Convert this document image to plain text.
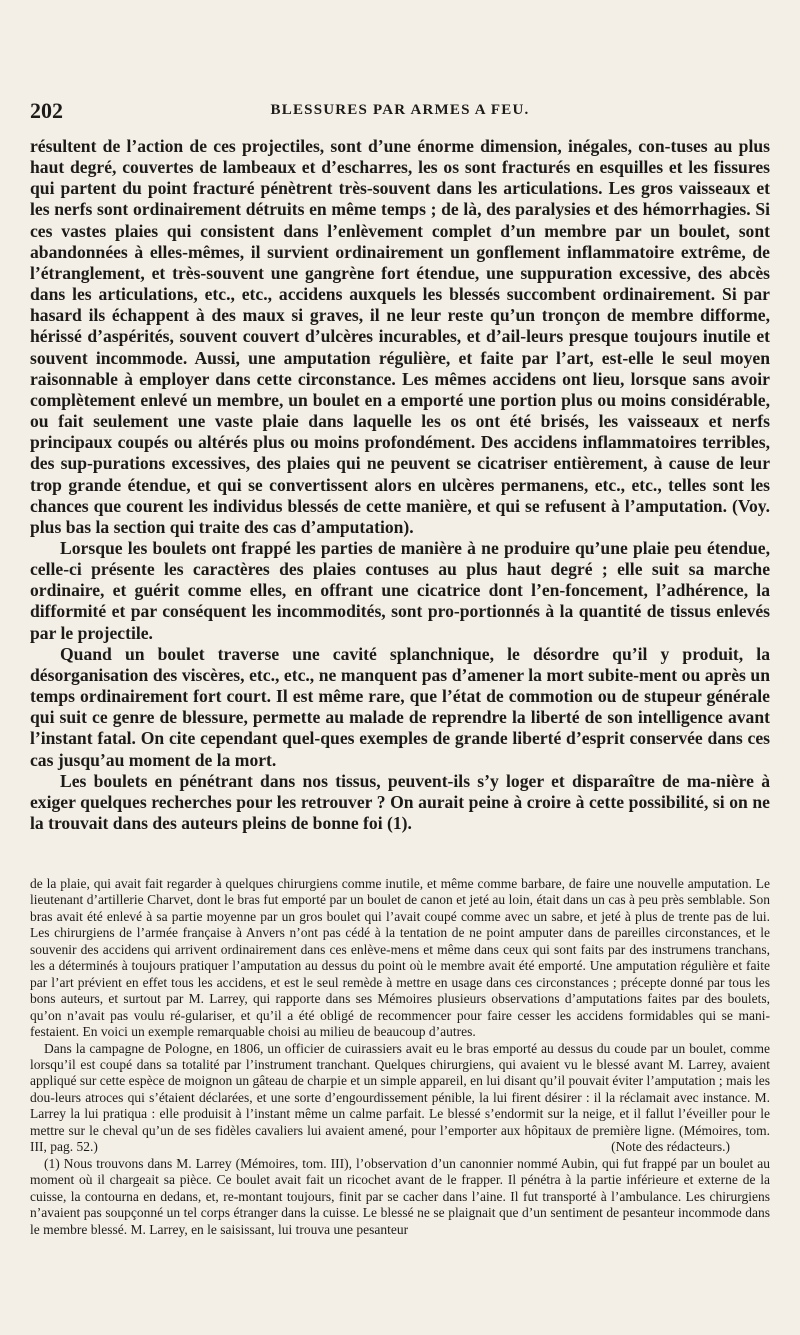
202	BLESSURES PAR ARMES A FEU.

résultent de l’action de ces projectiles, sont d’une énorme dimension, inégales, con-tuses au plus haut degré, couvertes de lambeaux et d’escharres, les os sont fracturés en esquilles et les fissures qui partent du point fracturé pénètrent très-souvent dans les articulations. Les gros vaisseaux et les nerfs sont ordinairement détruits en même temps ; de là, des paralysies et des hémorrhagies. Si ces vastes plaies qui consistent dans l’enlèvement complet d’un membre par un boulet, sont abandonnées à elles-mêmes, il survient ordinairement un gonflement inflammatoire extrême, de l’étranglement, et très-souvent une gangrène fort étendue, une suppuration excessive, des abcès dans les articulations, etc., etc., accidens auxquels les blessés succombent ordinairement. Si par hasard ils échappent à des maux si graves, il ne leur reste qu’un tronçon de membre difforme, hérissé d’aspérités, souvent couvert d’ulcères incurables, et d’ail-leurs presque toujours inutile et souvent incommode. Aussi, une amputation régulière, et faite par l’art, est-elle le seul moyen raisonnable à employer dans cette circonstance. Les mêmes accidens ont lieu, lorsque sans avoir complètement enlevé un membre, un boulet en a emporté une portion plus ou moins considérable, ou fait seulement une vaste plaie dans laquelle les os ont été brisés, les vaisseaux et nerfs principaux coupés ou altérés plus ou moins profondément. Des accidens inflammatoires terribles, des sup-purations excessives, des plaies qui ne peuvent se cicatriser entièrement, à cause de leur trop grande étendue, et qui se convertissent alors en ulcères permanens, etc., etc., telles sont les chances que courent les individus blessés de cette manière, et qui se refusent à l’amputation. (Voy. plus bas la section qui traite des cas d’amputation).

Lorsque les boulets ont frappé les parties de manière à ne produire qu’une plaie peu étendue, celle-ci présente les caractères des plaies contuses au plus haut degré ; elle suit sa marche ordinaire, et guérit comme elles, en offrant une cicatrice dont l’en-foncement, l’adhérence, la difformité et par conséquent les incommodités, sont pro-portionnés à la quantité de tissus enlevés par le projectile.

Quand un boulet traverse une cavité splanchnique, le désordre qu’il y produit, la désorganisation des viscères, etc., etc., ne manquent pas d’amener la mort subite-ment ou après un temps ordinairement fort court. Il est même rare, que l’état de commotion ou de stupeur générale qui suit ce genre de blessure, permette au malade de reprendre la liberté de son intelligence avant l’instant fatal. On cite cependant quel-ques exemples de grande liberté d’esprit conservée dans ces cas jusqu’au moment de la mort.

Les boulets en pénétrant dans nos tissus, peuvent-ils s’y loger et disparaître de ma-nière à exiger quelques recherches pour les retrouver ? On aurait peine à croire à cette possibilité, si on ne la trouvait dans des auteurs pleins de bonne foi (1).

de la plaie, qui avait fait regarder à quelques chirurgiens comme inutile, et même comme barbare, de faire une nouvelle amputation. Le lieutenant d’artillerie Charvet, dont le bras fut emporté par un boulet de canon et jeté au loin, était dans un cas à peu près semblable. Son bras avait été enlevé à sa partie moyenne par un gros boulet qui l’avait coupé comme avec un sabre, et jeté à plus de trente pas de lui. Les chirurgiens de l’armée française à Anvers n’ont pas cédé à la tentation de ne point amputer dans de pareilles circonstances, et le souvenir des accidens qui arrivent ordinairement dans ces enlève-mens et même dans ceux qui sont faits par des instrumens tranchans, les a déterminés à toujours pratiquer l’amputation au dessus du point où le membre avait été emporté. Une amputation régulière et faite par l’art prévient en effet tous les accidens, et est le seul remède à mettre en usage dans ces circonstances ; précepte donné par tous les bons auteurs, et surtout par M. Larrey, qui rapporte dans ses Mémoires plusieurs observations d’amputations faites par des boulets, qu’on n’avait pas voulu ré-gulariser, et qu’il a été obligé de recommencer pour faire cesser les accidens formidables qui se mani-festaient. En voici un exemple remarquable choisi au milieu de beaucoup d’autres.

Dans la campagne de Pologne, en 1806, un officier de cuirassiers avait eu le bras emporté au dessus du coude par un boulet, comme lorsqu’il est coupé dans sa totalité par l’instrument tranchant. Quelques chirurgiens, qui avaient vu le blessé avant M. Larrey, avaient appliqué sur cette espèce de moignon un gâteau de charpie et un simple appareil, en lui disant qu’il pouvait éviter l’amputation ; mais les dou-leurs atroces qui s’étaient déclarées, et une sorte d’engourdissement pénible, la lui firent désirer : il la réclamait avec instance. M. Larrey la lui pratiqua : elle produisit à l’instant même un calme parfait. Le blessé s’endormit sur la neige, et il fallut l’éveiller pour le mettre sur le cheval qu’un de ses fidèles cavaliers lui avaient amené, pour l’emporter aux hôpitaux de première ligne. (Mémoires, tom. III, pag. 52.)	(Note des rédacteurs.)

(1) Nous trouvons dans M. Larrey (Mémoires, tom. III), l’observation d’un canonnier nommé Aubin, qui fut frappé par un boulet au moment où il chargeait sa pièce. Ce boulet avait fait un ricochet avant de le frapper. Il pénétra à la partie inférieure et externe de la cuisse, la contourna en dedans, et, re-montant toujours, finit par se cacher dans l’aine. Il fut transporté à l’ambulance. Les chirurgiens n’avaient pas soupçonné un tel corps étranger dans la cuisse. Le blessé ne se plaignait que d’un sentiment de pesanteur incommode dans le membre blessé. M. Larrey, en le saisissant, lui trouva une pesanteur
